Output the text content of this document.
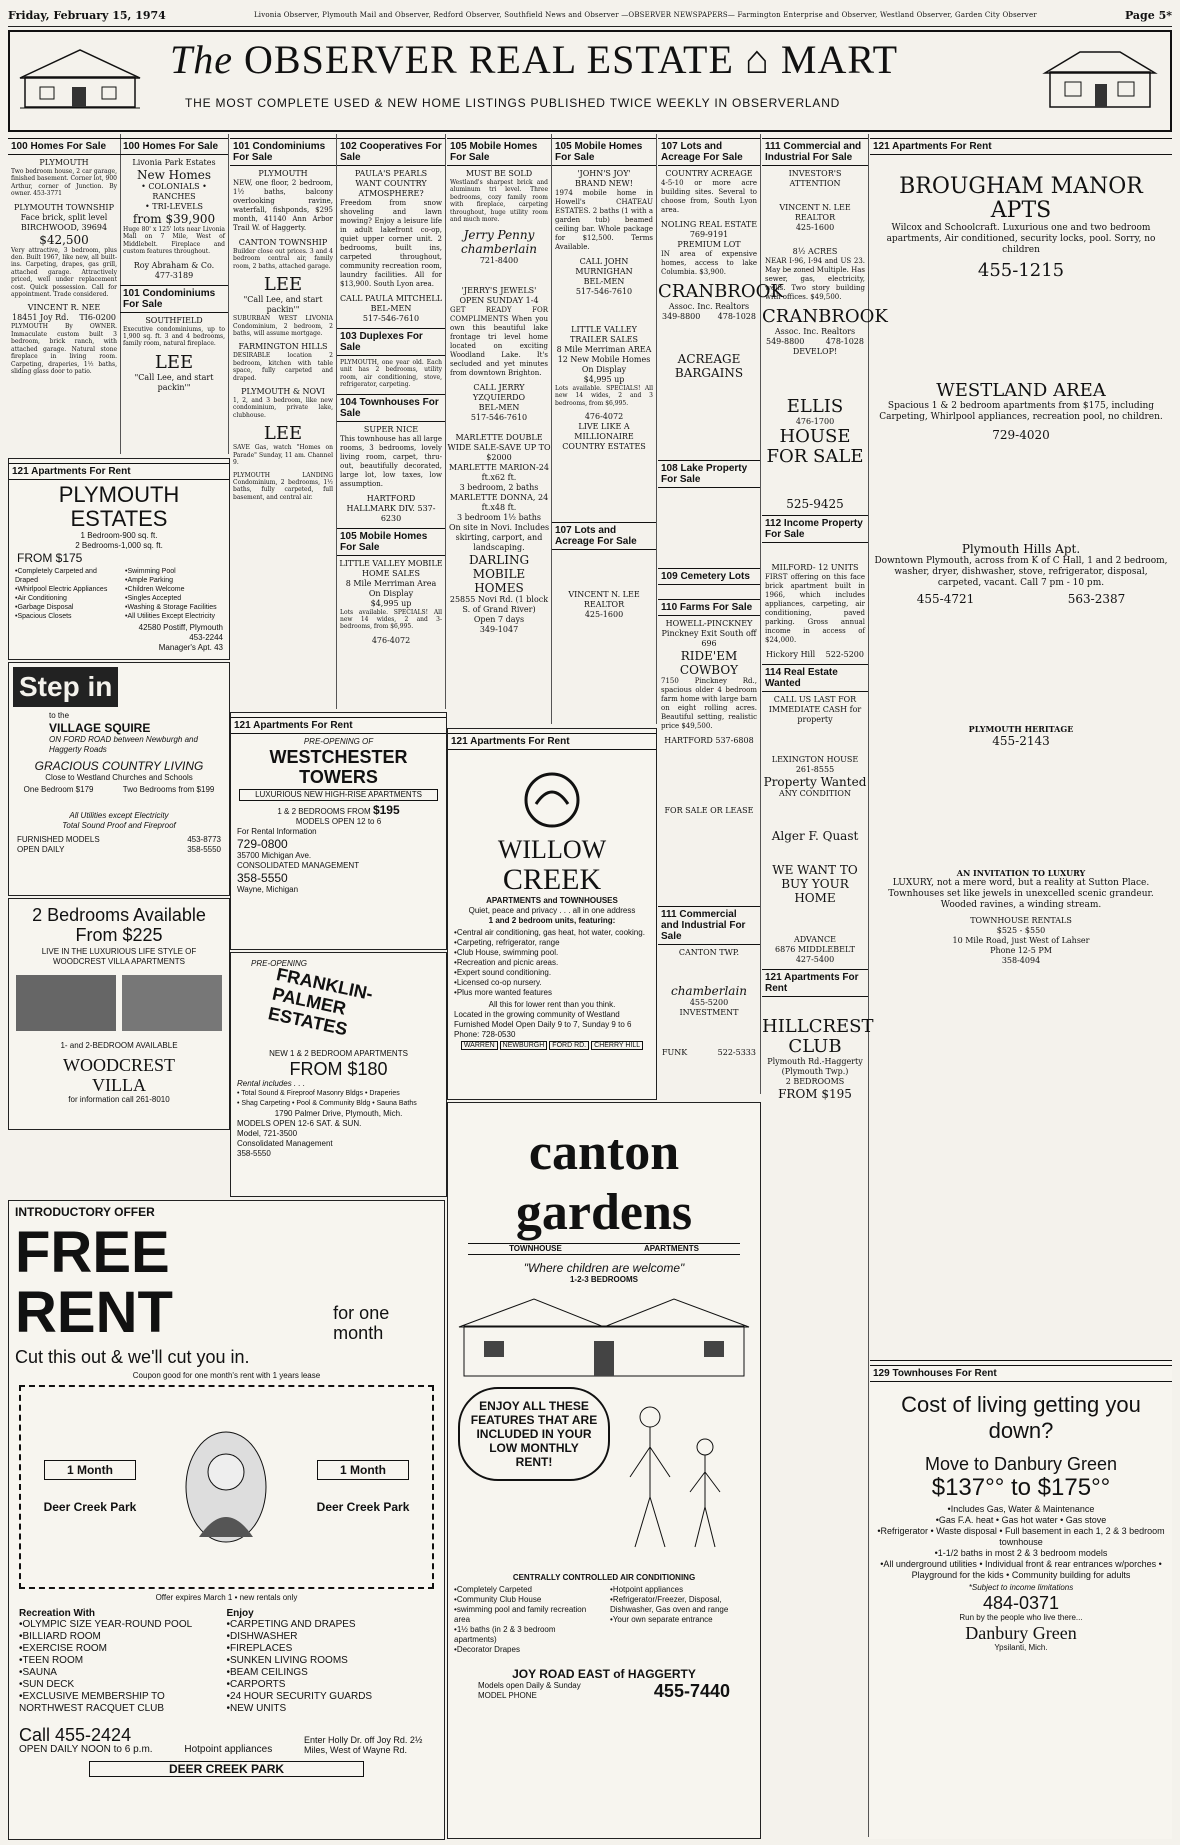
Friday, February 15, 1974	Livonia Observer, Plymouth Mail and Observer, Redford Observer, Southfield News and Observer —OBSERVER NEWSPAPERS— Farmington Enterprise and Observer, Westland Observer, Garden City Observer	Page 5*
The OBSERVER REAL ESTATE ⌂ MART
THE MOST COMPLETE USED & NEW HOME LISTINGS PUBLISHED TWICE WEEKLY IN OBSERVERLAND
100 Homes For Sale
PLYMOUTH

Two bedroom house, 2 car garage, finished basement. Corner lot, 900 Arthur, corner of Junction. By owner. 453-3771

PLYMOUTH TOWNSHIP
Face brick, split level
BIRCHWOOD, 39694
$42,500

Very attractive, 3 bedroom, plus den. Built 1967, like new, all built-ins. Carpeting, drapes, gas grill, attached garage. Attractively priced, well under replacement cost. Quick possession. Call for appointment. Trade considered.

VINCENT R. NEE
18451 Joy Rd. TI6-0200

PLYMOUTH By OWNER. Immaculate custom built 3 bedroom, brick ranch, with attached garage. Natural stone fireplace in living room. Carpeting, draperies, 1½ baths, sliding glass door to patio.

100 Homes For Sale
Livonia Park Estates
New Homes
• COLONIALS • RANCHES
• TRI-LEVELS
from $39,900

Huge 80' x 125' lots near Livonia Mall on 7 Mile, West of Middlebelt. Fireplace and custom features throughout.

Roy Abraham & Co.
477-3189
101 Condominiums For Sale
SOUTHFIELD

Executive condominiums, up to 1,900 sq. ft. 3 and 4 bedrooms, family room, natural fireplace.

LEE
"Call Lee, and start packin'"
121 Apartments For Rent
PLYMOUTH ESTATES
1 Bedroom-900 sq. ft.
2 Bedrooms-1,000 sq. ft.
FROM $175
• Completely Carpeted and Draped
• Whirlpool Electric Appliances
• Air Conditioning
• Garbage Disposal
• Spacious Closets
• Swimming Pool
• Ample Parking
• Children Welcome
• Singles Accepted
• Washing & Storage Facilities
• All Utilities Except Electricity
42580 Postiff, Plymouth
453-2244
Manager's Apt. 43
Step in
to the
VILLAGE SQUIRE
ON FORD ROAD between Newburgh and Haggerty Roads
GRACIOUS COUNTRY LIVING
Close to Westland Churches and Schools
One Bedroom $179	Two Bedrooms from $199
All Utilities except Electricity
Total Sound Proof and Fireproof
FURNISHED MODELS
OPEN DAILY
453-8773
358-5550
2 Bedrooms Available
From $225
LIVE IN THE LUXURIOUS LIFE STYLE OF WOODCREST VILLA APARTMENTS
1- and 2-BEDROOM AVAILABLE
WOODCREST
VILLA
for information call 261-8010
101 Condominiums For Sale
PLYMOUTH

NEW, one floor, 2 bedroom, 1½ baths, balcony overlooking ravine, waterfall, fishponds, $295 month, 41140 Ann Arbor Trail W. of Haggerty.

CANTON TOWNSHIP

Builder close out prices. 3 and 4 bedroom central air, family room, 2 baths, attached garage.

LEE
"Call Lee, and start packin'"

SUBURBAN WEST LIVONIA Condominium, 2 bedroom, 2 baths, will assume mortgage.

FARMINGTON HILLS

DESIRABLE location 2 bedroom, kitchen with table space, fully carpeted and draped.

PLYMOUTH & NOVI

1, 2, and 3 bedroom, like new condominium, private lake, clubhouse.

LEE

SAVE Gas, watch "Homes on Parade" Sunday, 11 am. Channel 9.

PLYMOUTH LANDING Condominium, 2 bedrooms, 1½ baths, fully carpeted, full basement, and central air.

102 Cooperatives For Sale
PAULA'S PEARLS
WANT COUNTRY ATMOSPHERE?

Freedom from snow shoveling and lawn mowing? Enjoy a leisure life in adult lakefront co-op, quiet upper corner unit. 2 bedrooms, built ins, carpeted throughout, community recreation room, laundry facilities. All for $13,900. South Lyon area.

CALL PAULA MITCHELL
BEL-MEN
517-546-7610
103 Duplexes For Sale

PLYMOUTH, one year old. Each unit has 2 bedrooms, utility room, air conditioning, stove, refrigerator, carpeting.

104 Townhouses For Sale
SUPER NICE

This townhouse has all large rooms, 3 bedrooms, lovely living room, carpet, thru-out, beautifully decorated, large lot, low taxes, low assumption.

HARTFORD
HALLMARK DIV. 537-6230
105 Mobile Homes For Sale
LITTLE VALLEY MOBILE HOME SALES
8 Mile Merriman Area
On Display
$4,995 up

Lots available. SPECIALS! All new 14 wides, 2 and 3-bedrooms, from $6,995.

476-4072
121 Apartments For Rent
PRE-OPENING OF
WESTCHESTER
TOWERS
LUXURIOUS NEW HIGH-RISE APARTMENTS
1 & 2 BEDROOMS FROM $195
MODELS OPEN 12 to 6
For Rental Information
729-0800
35700 Michigan Ave.
CONSOLIDATED MANAGEMENT
358-5550
Wayne, Michigan
PRE-OPENING
FRANKLIN-PALMER ESTATES
NEW 1 & 2 BEDROOM APARTMENTS
FROM $180
Rental includes . . .
• Total Sound & Fireproof Masonry Bldgs • Draperies
• Shag Carpeting • Pool & Community Bldg • Sauna Baths
1790 Palmer Drive, Plymouth, Mich.
MODELS OPEN 12-6 SAT. & SUN.
Model, 721-3500
Consolidated Management
358-5550
105 Mobile Homes For Sale
MUST BE SOLD

Westland's sharpest brick and aluminum tri level. Three bedrooms, cozy family room with fireplace, carpeting throughout, huge utility room and much more.

Jerry Penny chamberlain
721-8400
'JERRY'S JEWELS'
OPEN SUNDAY 1-4

GET READY FOR COMPLIMENTS When you own this beautiful lake frontage tri level home located on exciting Woodland Lake. It's secluded and yet minutes from downtown Brighton.

CALL JERRY YZQUIERDO
BEL-MEN
517-546-7610
MARLETTE DOUBLE WIDE SALE-SAVE UP TO $2000
MARLETTE MARION-24 ft.x62 ft.
3 bedroom, 2 baths
MARLETTE DONNA, 24 ft.x48 ft.
3 bedroom 1½ baths
On site in Novi. Includes skirting, carport, and landscaping.
DARLING MOBILE HOMES
25855 Novi Rd. (1 block S. of Grand River)
Open 7 days
349-1047
105 Mobile Homes For Sale
'JOHN'S JOY'
BRAND NEW!

1974 mobile home in Howell's CHATEAU ESTATES. 2 baths (1 with a garden tub) beamed ceiling bar. Whole package for $12,500. Terms Available.

CALL JOHN MURNIGHAN
BEL-MEN
517-546-7610
LITTLE VALLEY TRAILER SALES
8 Mile Merriman AREA
12 New Mobile Homes On Display
$4,995 up

Lots available. SPECIALS! All new 14 wides, 2 and 3 bedrooms, from $6,995.

476-4072
LIVE LIKE A MILLIONAIRE
COUNTRY ESTATES
107 Lots and Acreage For Sale
VINCENT N. LEE REALTOR
425-1600
121 Apartments For Rent
WILLOW
CREEK
APARTMENTS and TOWNHOUSES
Quiet, peace and privacy . . . all in one address
1 and 2 bedroom units, featuring:
• Central air conditioning, gas heat, hot water, cooking.
• Carpeting, refrigerator, range
• Club House, swimming pool.
• Recreation and picnic areas.
• Expert sound conditioning.
• Licensed co-op nursery.
• Plus more wanted features
All this for lower rent than you think.
Located in the growing community of Westland
Furnished Model Open Daily 9 to 7, Sunday 9 to 6
Phone: 728-0530
WARREN	NEWBURGH	FORD RD.	CHERRY HILL
canton gardens
TOWNHOUSE	APARTMENTS
"Where children are welcome"
1-2-3 BEDROOMS
ENJOY ALL THESE FEATURES THAT ARE INCLUDED IN YOUR LOW MONTHLY RENT!
CENTRALLY CONTROLLED AIR CONDITIONING
• Completely Carpeted
• Community Club House
• swimming pool and family recreation area
• 1½ baths (in 2 & 3 bedroom apartments)
• Decorator Drapes
• Hotpoint appliances
• Refrigerator/Freezer, Disposal, Dishwasher, Gas oven and range
• Your own separate entrance
JOY ROAD EAST of HAGGERTY
Models open Daily & Sunday
MODEL PHONE	455-7440
107 Lots and Acreage For Sale
COUNTRY ACREAGE

4-5-10 or more acre building sites. Several to choose from, South Lyon area.

NOLING REAL ESTATE
769-9191
PREMIUM LOT

IN area of expensive homes, access to lake Columbia. $3,900.

CRANBROOK
Assoc. Inc. Realtors
349-8800 478-1028
ACREAGE BARGAINS
108 Lake Property For Sale
109 Cemetery Lots
110 Farms For Sale
HOWELL-PINCKNEY
Pinckney Exit South off 696
RIDE'EM COWBOY

7150 Pinckney Rd., spacious older 4 bedroom farm home with large barn on eight rolling acres. Beautiful setting, realistic price $49,500.

HARTFORD 537-6808
FOR SALE OR LEASE
111 Commercial and Industrial For Sale
CANTON TWP.
chamberlain
455-5200
INVESTMENT
FUNK	522-5333
111 Commercial and Industrial For Sale
INVESTOR'S ATTENTION
VINCENT N. LEE REALTOR
425-1600
8½ ACRES

NEAR I-96, I-94 and US 23. May be zoned Multiple. Has sewer, gas, electricity, wells. Two story building with offices. $49,500.

CRANBROOK
Assoc. Inc. Realtors
549-8800	478-1028
DEVELOP!
ELLIS
476-1700
HOUSE FOR SALE
525-9425
112 Income Property For Sale
MILFORD- 12 UNITS

FIRST offering on this face brick apartment built in 1966, which includes appliances, carpeting, air conditioning, paved parking. Gross annual income in access of $24,000.

Hickory Hill 522-5200
114 Real Estate Wanted
CALL US LAST FOR IMMEDIATE CASH for property
LEXINGTON HOUSE
261-8555
Property Wanted
ANY CONDITION
Alger F. Quast
WE WANT TO BUY YOUR HOME
ADVANCE
6876 MIDDLEBELT
427-5400
121 Apartments For Rent
HILLCREST CLUB
Plymouth Rd.-Haggerty (Plymouth Twp.)
2 BEDROOMS
FROM $195
121 Apartments For Rent
BROUGHAM MANOR APTS

Wilcox and Schoolcraft. Luxurious one and two bedroom apartments, Air conditioned, security locks, pool. Sorry, no children

455-1215
WESTLAND AREA

Spacious 1 & 2 bedroom apartments from $175, including Carpeting, Whirlpool appliances, recreation pool, no children.

729-4020
Plymouth Hills Apt.

Downtown Plymouth, across from K of C Hall, 1 and 2 bedroom, washer, dryer, dishwasher, stove, refrigerator, disposal, carpeted, vacant. Call 7 pm - 10 pm.

455-4721	563-2387
PLYMOUTH HERITAGE
455-2143
AN INVITATION TO LUXURY

LUXURY, not a mere word, but a reality at Sutton Place. Townhouses set like jewels in unexcelled scenic grandeur. Wooded ravines, a winding stream.

TOWNHOUSE RENTALS
$525 - $550
10 Mile Road, just West of Lahser
Phone 12-5 PM
358-4094
129 Townhouses For Rent
Cost of living getting you down?
Move to Danbury Green
$137°° to $175°°
• Includes Gas, Water & Maintenance
• Gas F.A. heat • Gas hot water • Gas stove
• Refrigerator • Waste disposal • Full basement in each 1, 2 & 3 bedroom townhouse
• 1-1/2 baths in most 2 & 3 bedroom models
• All underground utilities • Individual front & rear entrances w/porches • Playground for the kids • Community building for adults
*Subject to income limitations
484-0371
Run by the people who live there...
Danbury Green
Ypsilanti, Mich.
INTRODUCTORY OFFER
FREE RENT	for one month
Cut this out & we'll cut you in.
Coupon good for one month's rent with 1 years lease
1 Month
Deer Creek Park
1 Month
Deer Creek Park
Offer expires March 1 • new rentals only
Recreation With
• OLYMPIC SIZE YEAR-ROUND POOL
• BILLIARD ROOM
• EXERCISE ROOM
• TEEN ROOM
• SAUNA
• SUN DECK
• EXCLUSIVE MEMBERSHIP TO NORTHWEST RACQUET CLUB
Enjoy
• CARPETING AND DRAPES
• DISHWASHER
• FIREPLACES
• SUNKEN LIVING ROOMS
• BEAM CEILINGS
• CARPORTS
• 24 HOUR SECURITY GUARDS
• NEW UNITS
Call 455-2424
OPEN DAILY NOON to 6 p.m.	Hotpoint appliances
Enter Holly Dr. off Joy Rd. 2½ Miles, West of Wayne Rd.
DEER CREEK PARK
